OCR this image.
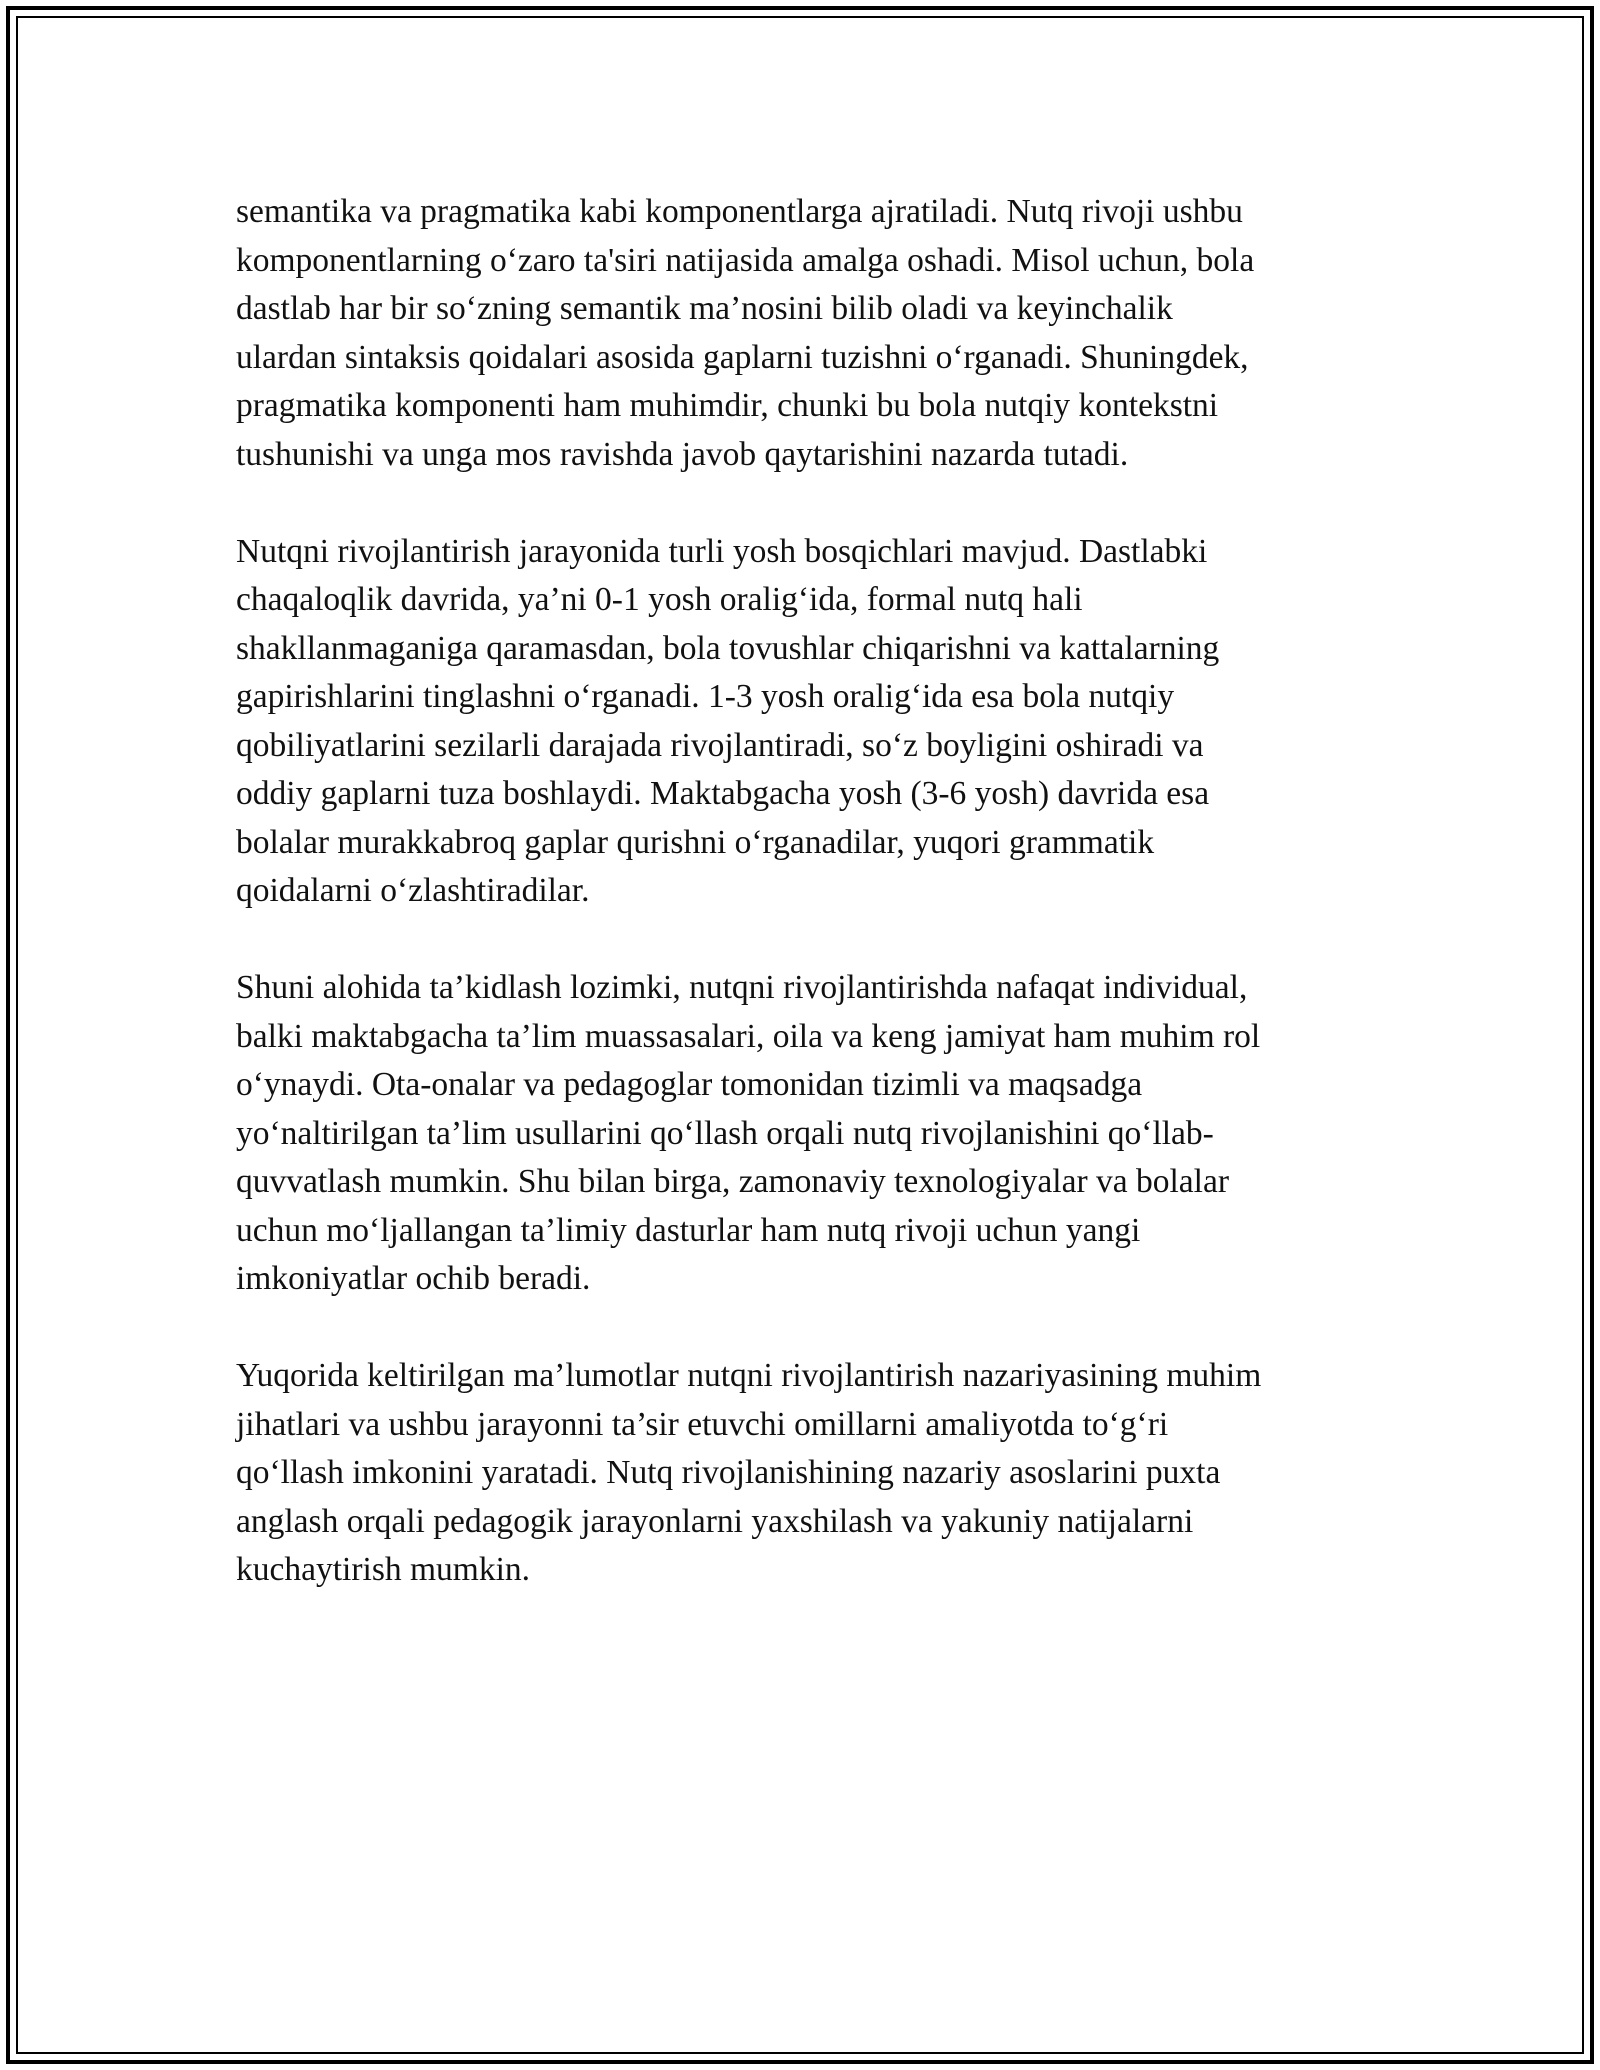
semantika va pragmatika kabi komponentlarga ajratiladi. Nutq rivoji ushbu
komponentlarning o‘zaro ta'siri natijasida amalga oshadi. Misol uchun, bola
dastlab har bir so‘zning semantik ma’nosini bilib oladi va keyinchalik
ulardan sintaksis qoidalari asosida gaplarni tuzishni o‘rganadi. Shuningdek,
pragmatika komponenti ham muhimdir, chunki bu bola nutqiy kontekstni
tushunishi va unga mos ravishda javob qaytarishini nazarda tutadi.

Nutqni rivojlantirish jarayonida turli yosh bosqichlari mavjud. Dastlabki
chaqaloqlik davrida, ya’ni 0-1 yosh oralig‘ida, formal nutq hali
shakllanmaganiga qaramasdan, bola tovushlar chiqarishni va kattalarning
gapirishlarini tinglashni o‘rganadi. 1-3 yosh oralig‘ida esa bola nutqiy
qobiliyatlarini sezilarli darajada rivojlantiradi, so‘z boyligini oshiradi va
oddiy gaplarni tuza boshlaydi. Maktabgacha yosh (3-6 yosh) davrida esa
bolalar murakkabroq gaplar qurishni o‘rganadilar, yuqori grammatik
qoidalarni o‘zlashtiradilar.

Shuni alohida ta’kidlash lozimki, nutqni rivojlantirishda nafaqat individual,
balki maktabgacha ta’lim muassasalari, oila va keng jamiyat ham muhim rol
o‘ynaydi. Ota-onalar va pedagoglar tomonidan tizimli va maqsadga
yo‘naltirilgan ta’lim usullarini qo‘llash orqali nutq rivojlanishini qo‘llab-
quvvatlash mumkin. Shu bilan birga, zamonaviy texnologiyalar va bolalar
uchun mo‘ljallangan ta’limiy dasturlar ham nutq rivoji uchun yangi
imkoniyatlar ochib beradi.

Yuqorida keltirilgan ma’lumotlar nutqni rivojlantirish nazariyasining muhim
jihatlari va ushbu jarayonni ta’sir etuvchi omillarni amaliyotda to‘g‘ri
qo‘llash imkonini yaratadi. Nutq rivojlanishining nazariy asoslarini puxta
anglash orqali pedagogik jarayonlarni yaxshilash va yakuniy natijalarni
kuchaytirish mumkin.
